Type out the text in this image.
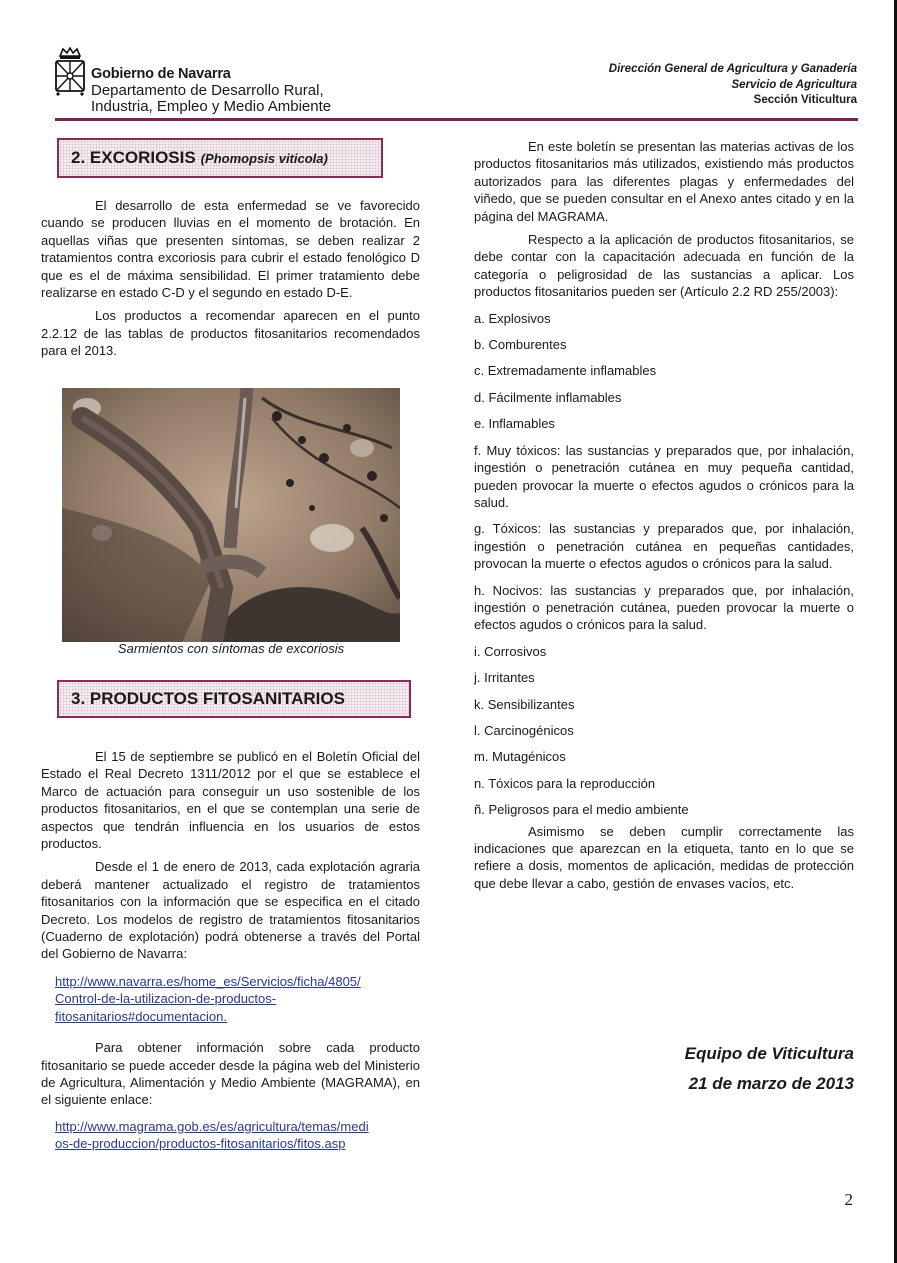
Gobierno de Navarra
Departamento de Desarrollo Rural,
Industria, Empleo y Medio Ambiente
Dirección General de Agricultura y Ganadería
Servicio de Agricultura
Sección Viticultura
2. EXCORIOSIS (Phomopsis viticola)

El desarrollo de esta enfermedad se ve favorecido cuando se producen lluvias en el momento de brotación. En aquellas viñas que presenten síntomas, se deben realizar 2 tratamientos contra excoriosis para cubrir el estado fenológico D que es el de máxima sensibilidad. El primer tratamiento debe realizarse en estado C-D y el segundo en estado D-E.

Los productos a recomendar aparecen en el punto 2.2.12 de las tablas de productos fitosanitarios recomendados para el 2013.

Sarmientos con síntomas de excoriosis
3. PRODUCTOS FITOSANITARIOS

El 15 de septiembre se publicó en el Boletín Oficial del Estado el Real Decreto 1311/2012 por el que se establece el Marco de actuación para conseguir un uso sostenible de los productos fitosanitarios, en el que se contemplan una serie de aspectos que tendrán influencia en los usuarios de estos productos.

Desde el 1 de enero de 2013, cada explotación agraria deberá mantener actualizado el registro de tratamientos fitosanitarios con la información que se especifica en el citado Decreto. Los modelos de registro de tratamientos fitosanitarios (Cuaderno de explotación) podrá obtenerse a través del Portal del Gobierno de Navarra:

http://www.navarra.es/home_es/Servicios/ficha/4805/
Control-de-la-utilizacion-de-productos-
fitosanitarios#documentacion.

Para obtener información sobre cada producto fitosanitario se puede acceder desde la página web del Ministerio de Agricultura, Alimentación y Medio Ambiente (MAGRAMA), en el siguiente enlace:

http://www.magrama.gob.es/es/agricultura/temas/medi
os-de-produccion/productos-fitosanitarios/fitos.asp

En este boletín se presentan las materias activas de los productos fitosanitarios más utilizados, existiendo más productos autorizados para las diferentes plagas y enfermedades del viñedo, que se pueden consultar en el Anexo antes citado y en la página del MAGRAMA.

Respecto a la aplicación de productos fitosanitarios, se debe contar con la capacitación adecuada en función de la categoría o peligrosidad de las sustancias a aplicar. Los productos fitosanitarios pueden ser (Artículo 2.2 RD 255/2003):

a. Explosivos

b. Comburentes

c. Extremadamente inflamables

d. Fácilmente inflamables

e. Inflamables

f. Muy tóxicos: las sustancias y preparados que, por inhalación, ingestión o penetración cutánea en muy pequeña cantidad, pueden provocar la muerte o efectos agudos o crónicos para la salud.

g. Tóxicos: las sustancias y preparados que, por inhalación, ingestión o penetración cutánea en pequeñas cantidades, provocan la muerte o efectos agudos o crónicos para la salud.

h. Nocivos: las sustancias y preparados que, por inhalación, ingestión o penetración cutánea, pueden provocar la muerte o efectos agudos o crónicos para la salud.

i. Corrosivos

j. Irritantes

k. Sensibilizantes

l. Carcinogénicos

m. Mutagénicos

n. Tóxicos para la reproducción

ñ. Peligrosos para el medio ambiente

Asimismo se deben cumplir correctamente las indicaciones que aparezcan en la etiqueta, tanto en lo que se refiere a dosis, momentos de aplicación, medidas de protección que debe llevar a cabo, gestión de envases vacíos, etc.

Equipo de Viticultura
21 de marzo de 2013
2
